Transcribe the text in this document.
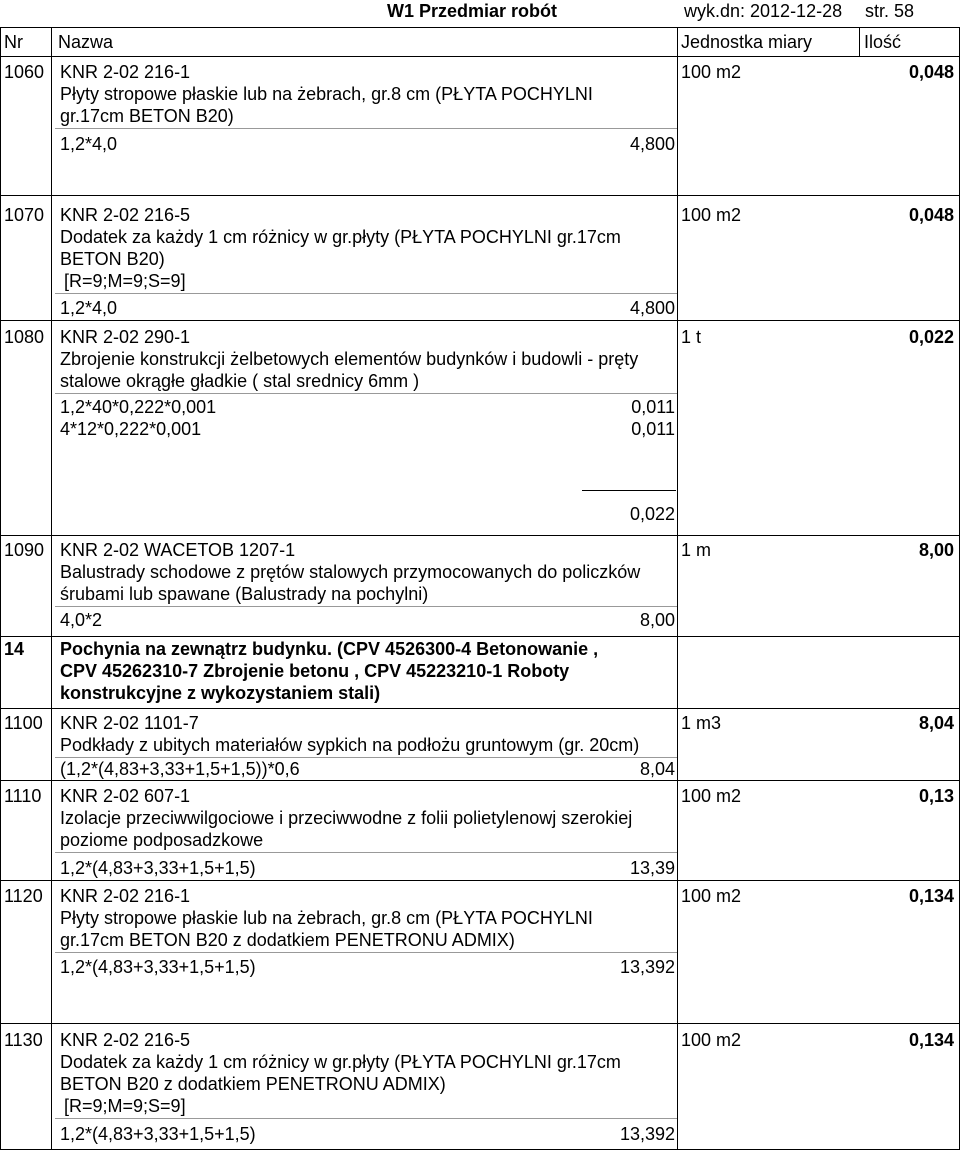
W1 Przedmiar robót	wyk.dn: 2012-12-28 str. 58
Nr Nazwa	Jednostka miary	Ilość
1060 KNR 2-02 216-1
Płyty stropowe płaskie lub na żebrach, gr.8 cm (PŁYTA POCHYLNI
gr.17cm BETON B20)
1,2*4,0	4,800
100 m2	0,048
1070 KNR 2-02 216-5
Dodatek za każdy 1 cm różnicy w gr.płyty (PŁYTA POCHYLNI gr.17cm
BETON B20)
[R=9;M=9;S=9]
1,2*4,0	4,800
100 m2	0,048
1080 KNR 2-02 290-1
Zbrojenie konstrukcji żelbetowych elementów budynków i budowli - pręty
stalowe okrągłe gładkie ( stal srednicy 6mm )
1,2*40*0,222*0,001	0,011
4*12*0,222*0,001	0,011
0,022
1 t	0,022
1090 KNR 2-02 WACETOB 1207-1
Balustrady schodowe z prętów stalowych przymocowanych do policzków
śrubami lub spawane (Balustrady na pochylni)
4,0*2	8,00
1 m	8,00
14 Pochynia na zewnątrz budynku. (CPV 4526300-4 Betonowanie ,
CPV 45262310-7 Zbrojenie betonu , CPV 45223210-1 Roboty
konstrukcyjne z wykozystaniem stali)
1100 KNR 2-02 1101-7
Podkłady z ubitych materiałów sypkich na podłożu gruntowym (gr. 20cm)
(1,2*(4,83+3,33+1,5+1,5))*0,6	8,04
1 m3	8,04
1110 KNR 2-02 607-1
Izolacje przeciwwilgociowe i przeciwwodne z folii polietylenowj szerokiej
poziome podposadzkowe
1,2*(4,83+3,33+1,5+1,5)	13,39
100 m2	0,13
1120 KNR 2-02 216-1
Płyty stropowe płaskie lub na żebrach, gr.8 cm (PŁYTA POCHYLNI
gr.17cm BETON B20 z dodatkiem PENETRONU ADMIX)
1,2*(4,83+3,33+1,5+1,5)	13,392
100 m2	0,134
1130 KNR 2-02 216-5
Dodatek za każdy 1 cm różnicy w gr.płyty (PŁYTA POCHYLNI gr.17cm
BETON B20 z dodatkiem PENETRONU ADMIX)
[R=9;M=9;S=9]
1,2*(4,83+3,33+1,5+1,5)	13,392
100 m2	0,134
